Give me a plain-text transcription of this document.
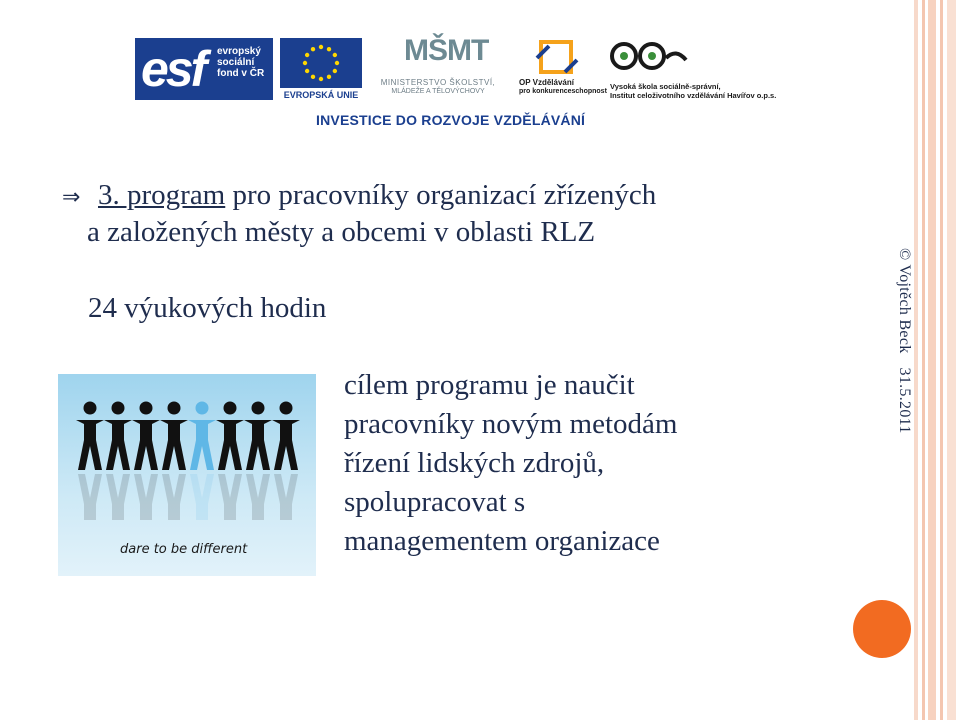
esf evropský
sociální
fond v ČR
EVROPSKÁ UNIE
MŠMT
MINISTERSTVO ŠKOLSTVÍ,
MLÁDEŽE A TĚLOVÝCHOVY
OP Vzdělávání
pro konkurenceschopnost
Vysoká škola sociálně-správní,
Institut celoživotního vzdělávání Havířov o.p.s.
INVESTICE DO ROZVOJE VZDĚLÁVÁNÍ
⇒ 3. program pro pracovníky organizací zřízených
a založených městy a obcemi v oblasti RLZ
24 výukových hodin
dare to be different
cílem programu je naučit
pracovníky novým metodám
řízení lidských zdrojů,
spolupracovat s
managementem organizace
© Vojtěch Beck31.5.2011
